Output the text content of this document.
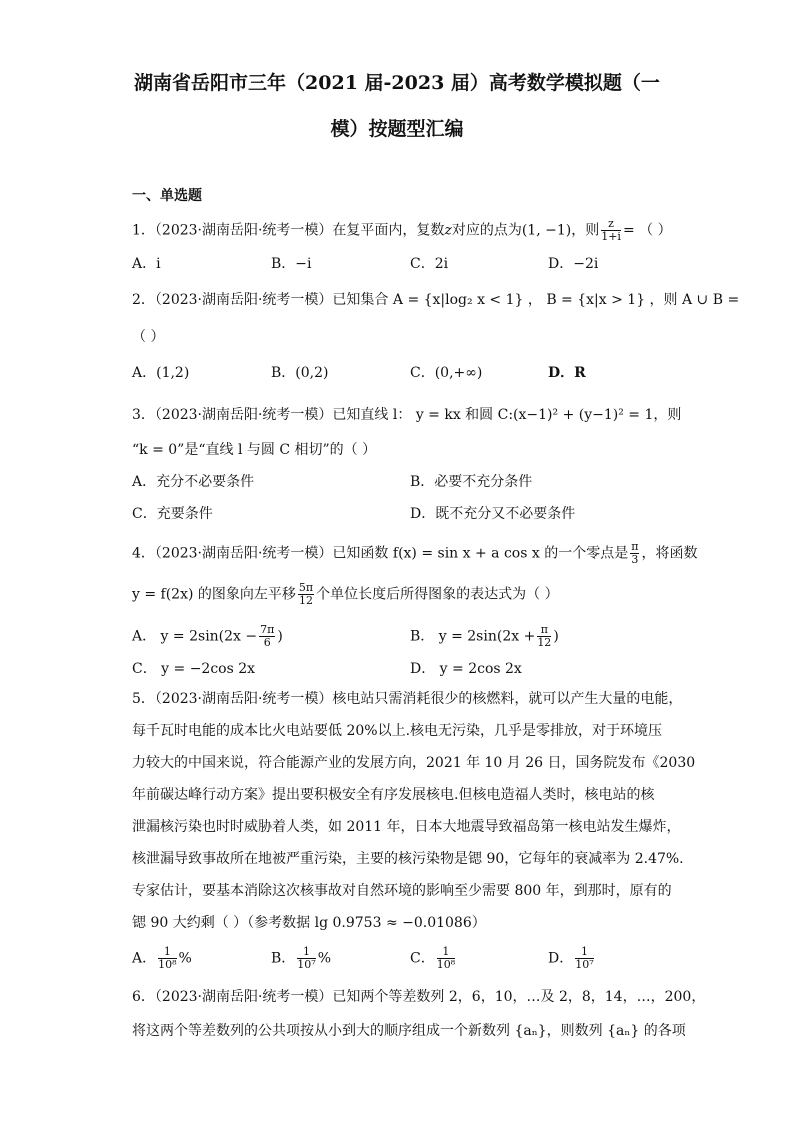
湖南省岳阳市三年（2021 届-2023 届）高考数学模拟题（一
模）按题型汇编
一、单选题
1．（2023·湖南岳阳·统考一模）在复平面内，复数z对应的点为(1, −1)，则 $\frac{z}{1+i}$ = （ ）
A．i	B．−i	C．2i	D．−2i
2．（2023·湖南岳阳·统考一模）已知集合 A = {x|log₂ x < 1} ， B = {x|x > 1} ，则 A ∪ B =
（ ）
A．(1,2)	B．(0,2)	C．(0,+∞)	D．R
3．（2023·湖南岳阳·统考一模）已知直线 l： y = kx 和圆 C:(x−1)² + (y−1)² = 1，则
“k = 0”是“直线 l 与圆 C 相切”的（ ）
A．充分不必要条件	B．必要不充分条件
C．充要条件	D．既不充分又不必要条件
4．（2023·湖南岳阳·统考一模）已知函数 f(x) = sin x + a cos x 的一个零点是 $\frac{\pi}{3}$ ，将函数
y = f(2x) 的图象向左平移 $\frac{5\pi}{12}$ 个单位长度后所得图象的表达式为（ ）
A． $y = 2\sin(2x - \frac{7\pi}{6}$ )	B． $y = 2\sin(2x + \frac{\pi}{12}$ )
C． y = −2cos 2x	D． y = 2cos 2x
5．（2023·湖南岳阳·统考一模）核电站只需消耗很少的核燃料，就可以产生大量的电能，
每千瓦时电能的成本比火电站要低 20%以上.核电无污染，几乎是零排放，对于环境压
力较大的中国来说，符合能源产业的发展方向，2021 年 10 月 26 日，国务院发布《2030
年前碳达峰行动方案》提出要积极安全有序发展核电.但核电造福人类时，核电站的核
泄漏核污染也时时威胁着人类，如 2011 年，日本大地震导致福岛第一核电站发生爆炸，
核泄漏导致事故所在地被严重污染，主要的核污染物是锶 90，它每年的衰减率为 2.47%.
专家估计，要基本消除这次核事故对自然环境的影响至少需要 800 年，到那时，原有的
锶 90 大约剩（ ）（参考数据 lg 0.9753 ≈ −0.01086）
A． $\frac{1}{\text{10⁸}}$ %	B． $\frac{1}{\text{10⁷}}$ %	C． $\frac{1}{\text{10⁸}}$	D． $\frac{1}{\text{10⁷}}$
6．（2023·湖南岳阳·统考一模）已知两个等差数列 2，6，10，…及 2，8，14，…，200，
将这两个等差数列的公共项按从小到大的顺序组成一个新数列 {aₙ}，则数列 {aₙ} 的各项
